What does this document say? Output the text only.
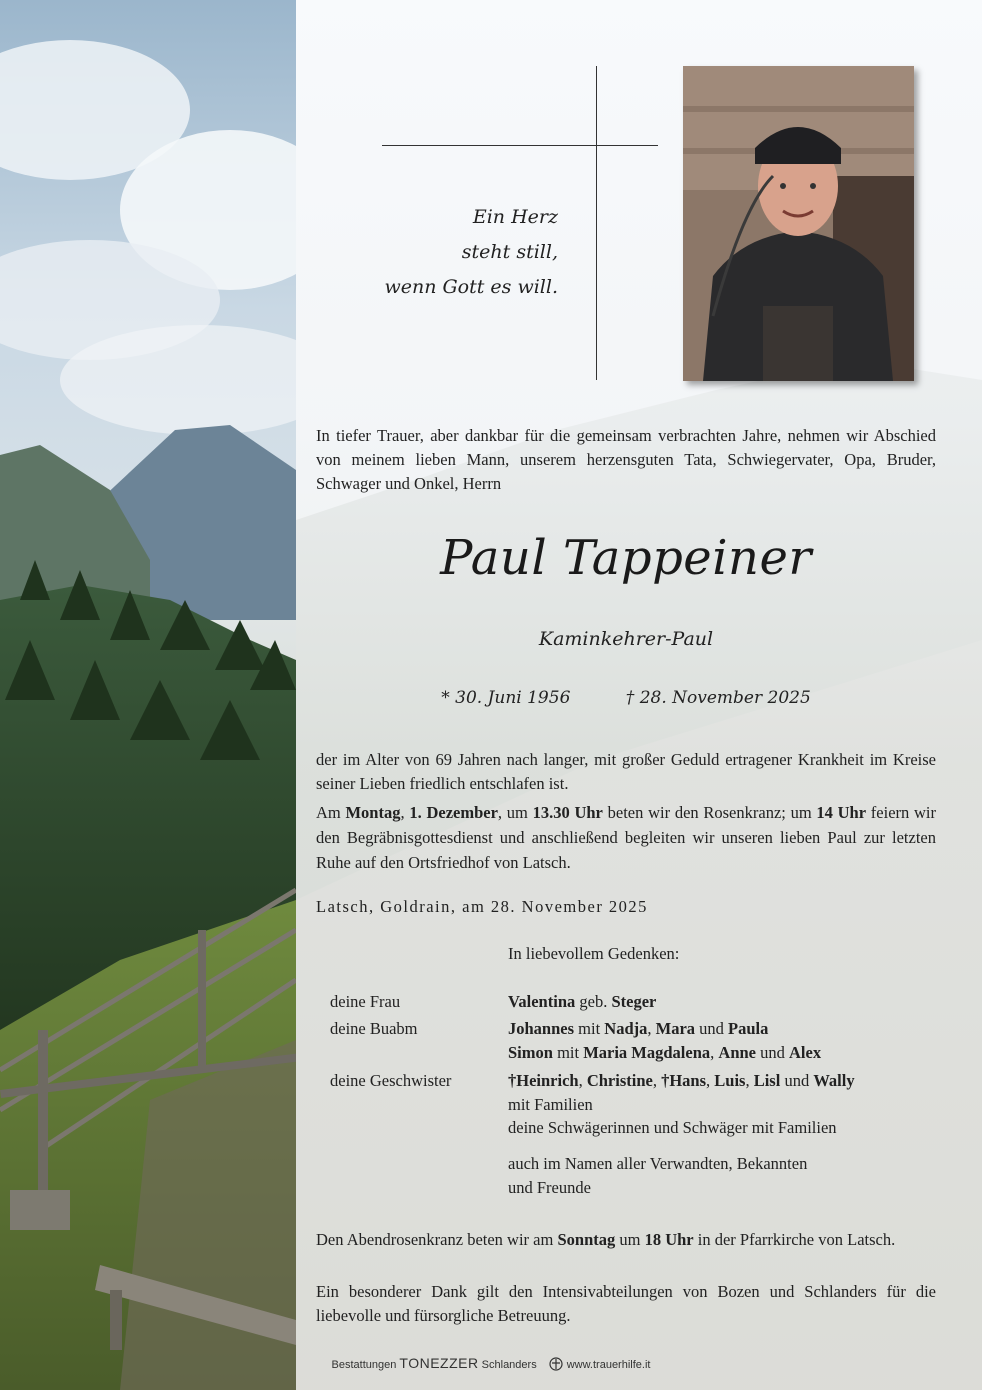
Ein Herz
steht still,
wenn Gott es will.
In tiefer Trauer, aber dankbar für die gemeinsam verbrachten Jahre, nehmen wir Abschied von meinem lieben Mann, unserem herzensguten Tata, Schwiegervater, Opa, Bruder, Schwager und Onkel, Herrn
Paul Tappeiner
Kaminkehrer-Paul
* 30. Juni 1956	† 28. November 2025
der im Alter von 69 Jahren nach langer, mit großer Geduld ertragener Krankheit im Kreise seiner Lieben friedlich entschlafen ist.
Am Montag, 1. Dezember, um 13.30 Uhr beten wir den Rosenkranz; um 14 Uhr feiern wir den Begräbnisgottesdienst und anschließend begleiten wir unseren lieben Paul zur letzten Ruhe auf den Ortsfriedhof von Latsch.
Latsch, Goldrain, am 28. November 2025
In liebevollem Gedenken:
deine Frau	Valentina geb. Steger
deine Buabm	Johannes mit Nadja, Mara und Paula
Simon mit Maria Magdalena, Anne und Alex
deine Geschwister	†Heinrich, Christine, †Hans, Luis, Lisl und Wally
mit Familien
deine Schwägerinnen und Schwäger mit Familien
auch im Namen aller Verwandten, Bekannten
und Freunde
Den Abendrosenkranz beten wir am Sonntag um 18 Uhr in der Pfarrkirche von Latsch.
Ein besonderer Dank gilt den Intensivabteilungen von Bozen und Schlanders für die liebevolle und fürsorgliche Betreuung.
Bestattungen TONEZZER Schlanders	www.trauerhilfe.it
